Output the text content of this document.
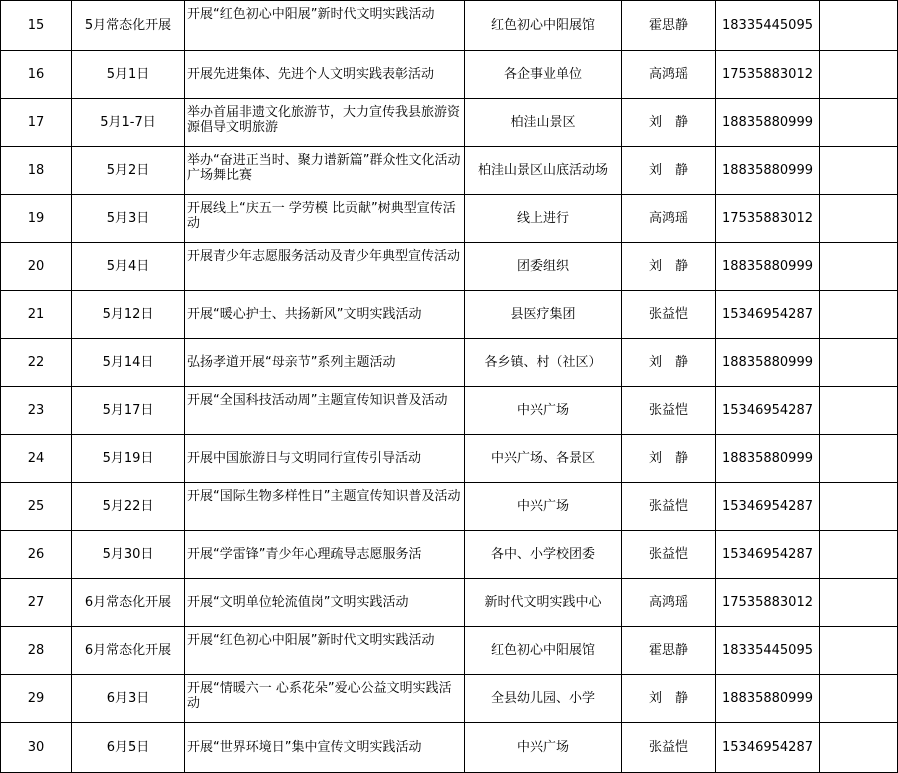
15	5月常态化开展	开展“红色初心中阳展”新时代文明实践活动	红色初心中阳展馆	霍思静	18335445095	
16	5月1日	开展先进集体、先进个人文明实践表彰活动	各企事业单位	高鸿瑶	17535883012	
17	5月1-7日	举办首届非遗文化旅游节，大力宣传我县旅游资源倡导文明旅游	柏洼山景区	刘　静	18835880999	
18	5月2日	举办“奋进正当时、聚力谱新篇”群众性文化活动广场舞比赛	柏洼山景区山底活动场	刘　静	18835880999	
19	5月3日	开展线上“庆五一 学劳模 比贡献”树典型宣传活动	线上进行	高鸿瑶	17535883012	
20	5月4日	开展青少年志愿服务活动及青少年典型宣传活动	团委组织	刘　静	18835880999	
21	5月12日	开展“暖心护士、共扬新风”文明实践活动	县医疗集团	张益恺	15346954287	
22	5月14日	弘扬孝道开展“母亲节”系列主题活动	各乡镇、村（社区）	刘　静	18835880999	
23	5月17日	开展“全国科技活动周”主题宣传知识普及活动	中兴广场	张益恺	15346954287	
24	5月19日	开展中国旅游日与文明同行宣传引导活动	中兴广场、各景区	刘　静	18835880999	
25	5月22日	开展“国际生物多样性日”主题宣传知识普及活动	中兴广场	张益恺	15346954287	
26	5月30日	开展“学雷锋”青少年心理疏导志愿服务活	各中、小学校团委	张益恺	15346954287	
27	6月常态化开展	开展“文明单位轮流值岗”文明实践活动	新时代文明实践中心	高鸿瑶	17535883012	
28	6月常态化开展	开展“红色初心中阳展”新时代文明实践活动	红色初心中阳展馆	霍思静	18335445095	
29	6月3日	开展“情暖六一 心系花朵”爱心公益文明实践活动	全县幼儿园、小学	刘　静	18835880999	
30	6月5日	开展“世界环境日”集中宣传文明实践活动	中兴广场	张益恺	15346954287	
